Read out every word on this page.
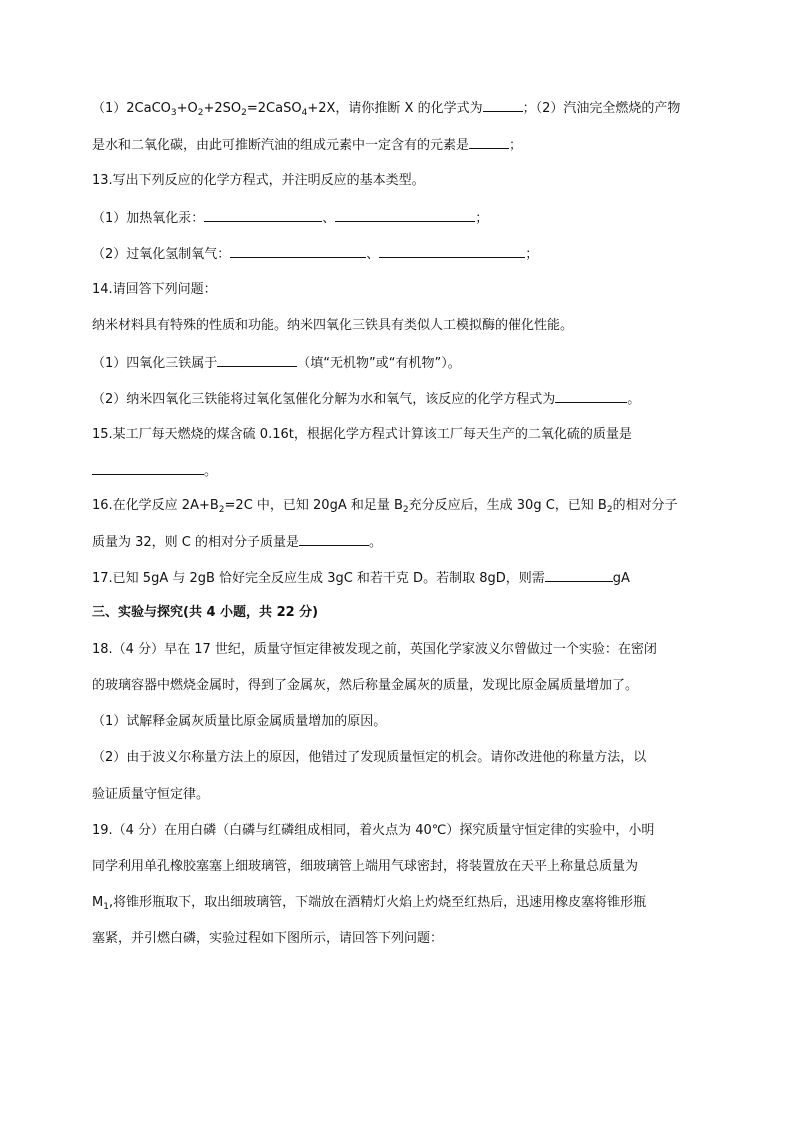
$(1)2CaCO_3+O_2+2SO_2=2CaSO_4+2X$，请你推断 X 的化学式为	；（2）汽油完全燃烧的产物
是水和二氧化碳，由此可推断汽油的组成元素中一定含有的元素是	；
13.写出下列反应的化学方程式，并注明反应的基本类型。
（1）加热氧化汞：	、	；
（2）过氧化氢制氧气：	、	；
14.请回答下列问题：
纳米材料具有特殊的性质和功能。纳米四氧化三铁具有类似人工模拟酶的催化性能。
（1）四氧化三铁属于	（填“无机物”或“有机物”）。
（2）纳米四氧化三铁能将过氧化氢催化分解为水和氧气，该反应的化学方程式为	。
15.某工厂每天燃烧的煤含硫 0.16t，根据化学方程式计算该工厂每天生产的二氧化硫的质量是
。
16.在化学反应 $2A+B_2=2C$ 中，已知 20gA 和足量 $B_2$充分反应后，生成 30g C，已知 $B_2$的相对分子
质量为 32，则 C 的相对分子质量是	。
17.已知 5gA 与 2gB 恰好完全反应生成 3gC 和若干克 D。若制取 8gD，则需	gA
三、实验与探究(共 4 小题，共 22 分)
18.（4 分）早在 17 世纪，质量守恒定律被发现之前，英国化学家波义尔曾做过一个实验：在密闭
的玻璃容器中燃烧金属时，得到了金属灰，然后称量金属灰的质量，发现比原金属质量增加了。
（1）试解释金属灰质量比原金属质量增加的原因。
（2）由于波义尔称量方法上的原因，他错过了发现质量恒定的机会。请你改进他的称量方法，以
验证质量守恒定律。
19.（4 分）在用白磷（白磷与红磷组成相同，着火点为 40℃）探究质量守恒定律的实验中，小明
同学利用单孔橡胶塞塞上细玻璃管，细玻璃管上端用气球密封，将装置放在天平上称量总质量为
$M_1$,将锥形瓶取下，取出细玻璃管，下端放在酒精灯火焰上灼烧至红热后，迅速用橡皮塞将锥形瓶
塞紧，并引燃白磷，实验过程如下图所示，请回答下列问题：
